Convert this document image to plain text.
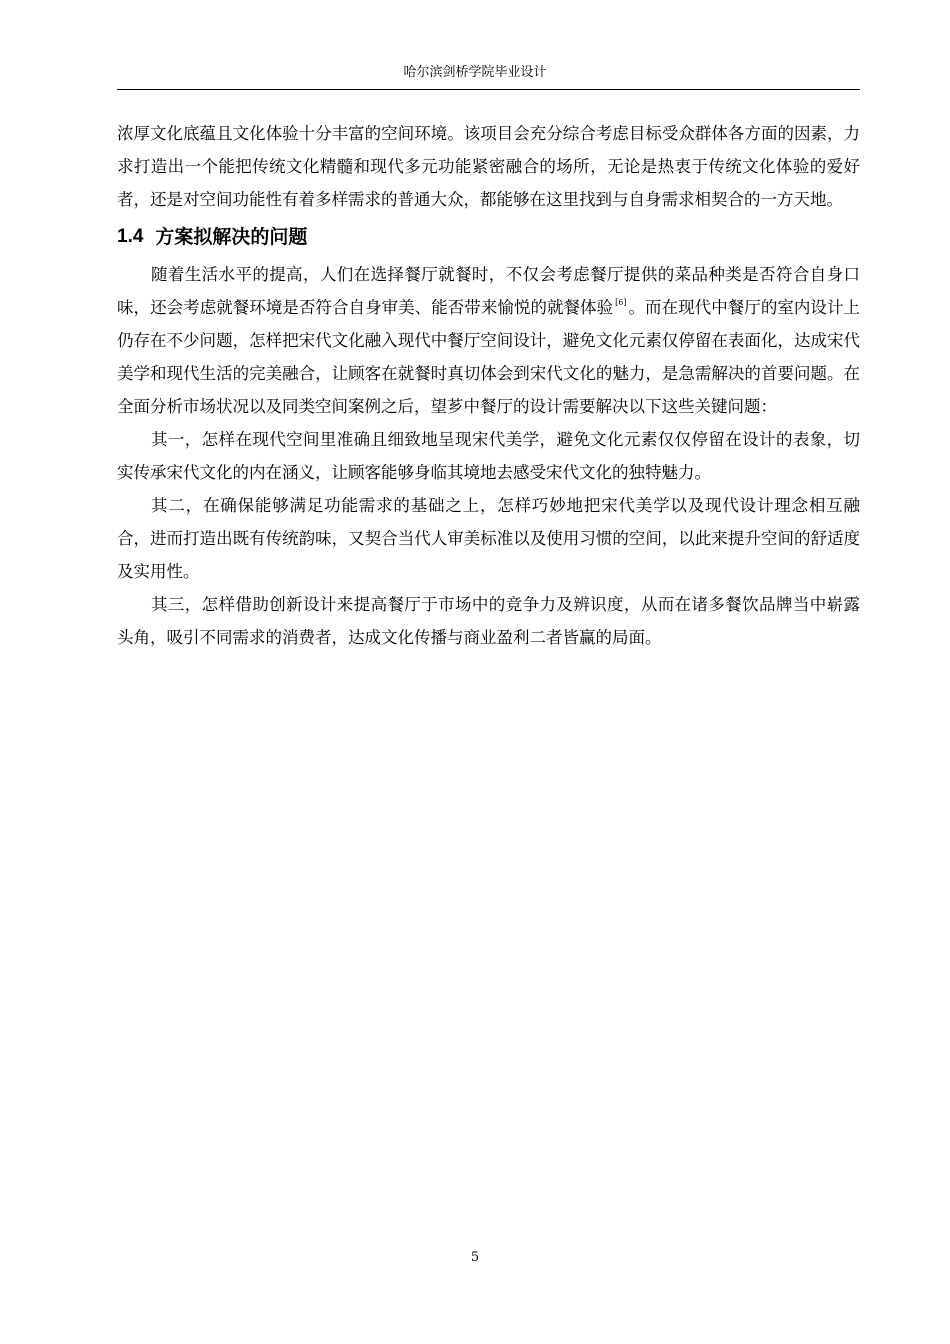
哈尔滨剑桥学院毕业设计

浓厚文化底蕴且文化体验十分丰富的空间环境。该项目会充分综合考虑目标受众群体各方面的因素，力求打造出一个能把传统文化精髓和现代多元功能紧密融合的场所，无论是热衷于传统文化体验的爱好者，还是对空间功能性有着多样需求的普通大众，都能够在这里找到与自身需求相契合的一方天地。

1.4 方案拟解决的问题

随着生活水平的提高，人们在选择餐厅就餐时，不仅会考虑餐厅提供的菜品种类是否符合自身口味，还会考虑就餐环境是否符合自身审美、能否带来愉悦的就餐体验 [6] 。而在现代中餐厅的室内设计上仍存在不少问题，怎样把宋代文化融入现代中餐厅空间设计，避免文化元素仅停留在表面化，达成宋代美学和现代生活的完美融合，让顾客在就餐时真切体会到宋代文化的魅力，是急需解决的首要问题。在全面分析市场状况以及同类空间案例之后，望芗中餐厅的设计需要解决以下这些关键问题：

其一，怎样在现代空间里准确且细致地呈现宋代美学，避免文化元素仅仅停留在设计的表象，切实传承宋代文化的内在涵义，让顾客能够身临其境地去感受宋代文化的独特魅力。

其二，在确保能够满足功能需求的基础之上，怎样巧妙地把宋代美学以及现代设计理念相互融合，进而打造出既有传统韵味，又契合当代人审美标准以及使用习惯的空间，以此来提升空间的舒适度及实用性。

其三，怎样借助创新设计来提高餐厅于市场中的竞争力及辨识度，从而在诸多餐饮品牌当中崭露头角，吸引不同需求的消费者，达成文化传播与商业盈利二者皆赢的局面。

5
